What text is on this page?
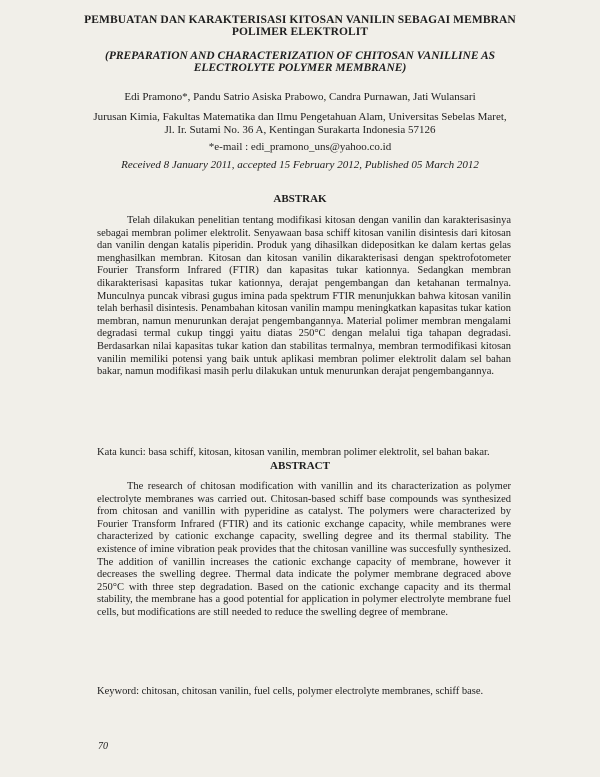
PEMBUATAN DAN KARAKTERISASI KITOSAN VANILIN SEBAGAI MEMBRAN POLIMER ELEKTROLIT
(PREPARATION AND CHARACTERIZATION OF CHITOSAN VANILLINE AS ELECTROLYTE POLYMER MEMBRANE)
Edi Pramono*, Pandu Satrio Asiska Prabowo, Candra Purnawan, Jati Wulansari
Jurusan Kimia, Fakultas Matematika dan Ilmu Pengetahuan Alam, Universitas Sebelas Maret, Jl. Ir. Sutami No. 36 A, Kentingan Surakarta Indonesia 57126
*e-mail : edi_pramono_uns@yahoo.co.id
Received 8 January 2011, accepted 15 February 2012, Published 05 March 2012
ABSTRAK

Telah dilakukan penelitian tentang modifikasi kitosan dengan vanilin dan karakterisasinya sebagai membran polimer elektrolit. Senyawaan basa schiff kitosan vanilin disintesis dari kitosan dan vanilin dengan katalis piperidin. Produk yang dihasilkan didepositkan ke dalam kertas gelas menghasilkan membran. Kitosan dan kitosan vanilin dikarakterisasi dengan spektrofotometer Fourier Transform Infrared (FTIR) dan kapasitas tukar kationnya. Sedangkan membran dikarakterisasi kapasitas tukar kationnya, derajat pengembangan dan ketahanan termalnya. Munculnya puncak vibrasi gugus imina pada spektrum FTIR menunjukkan bahwa kitosan vanilin telah berhasil disintesis. Penambahan kitosan vanilin mampu meningkatkan kapasitas tukar kation membran, namun menurunkan derajat pengembangannya. Material polimer membran mengalami degradasi termal cukup tinggi yaitu diatas 250°C dengan melalui tiga tahapan degradasi. Berdasarkan nilai kapasitas tukar kation dan stabilitas termalnya, membran termodifikasi kitosan vanilin memiliki potensi yang baik untuk aplikasi membran polimer elektrolit dalam sel bahan bakar, namun modifikasi masih perlu dilakukan untuk menurunkan derajat pengembangannya.

Kata kunci: basa schiff, kitosan, kitosan vanilin, membran polimer elektrolit, sel bahan bakar.
ABSTRACT

The research of chitosan modification with vanillin and its characterization as polymer electrolyte membranes was carried out. Chitosan-based schiff base compounds was synthesized from chitosan and vanillin with pyperidine as catalyst. The polymers were characterized by Fourier Transform Infrared (FTIR) and its cationic exchange capacity, while membranes were characterized by cationic exchange capacity, swelling degree and its thermal stability. The existence of imine vibration peak provides that the chitosan vanilline was succesfully synthesized. The addition of vanillin increases the cationic exchange capacity of membrane, however it decreases the swelling degree. Thermal data indicate the polymer membrane degraced above 250°C with three step degradation. Based on the cationic exchange capacity and its thermal stability, the membrane has a good potential for application in polymer electrolyte membrane fuel cells, but modifications are still needed to reduce the swelling degree of membrane.

Keyword: chitosan, chitosan vanilin, fuel cells, polymer electrolyte membranes, schiff base.
70
